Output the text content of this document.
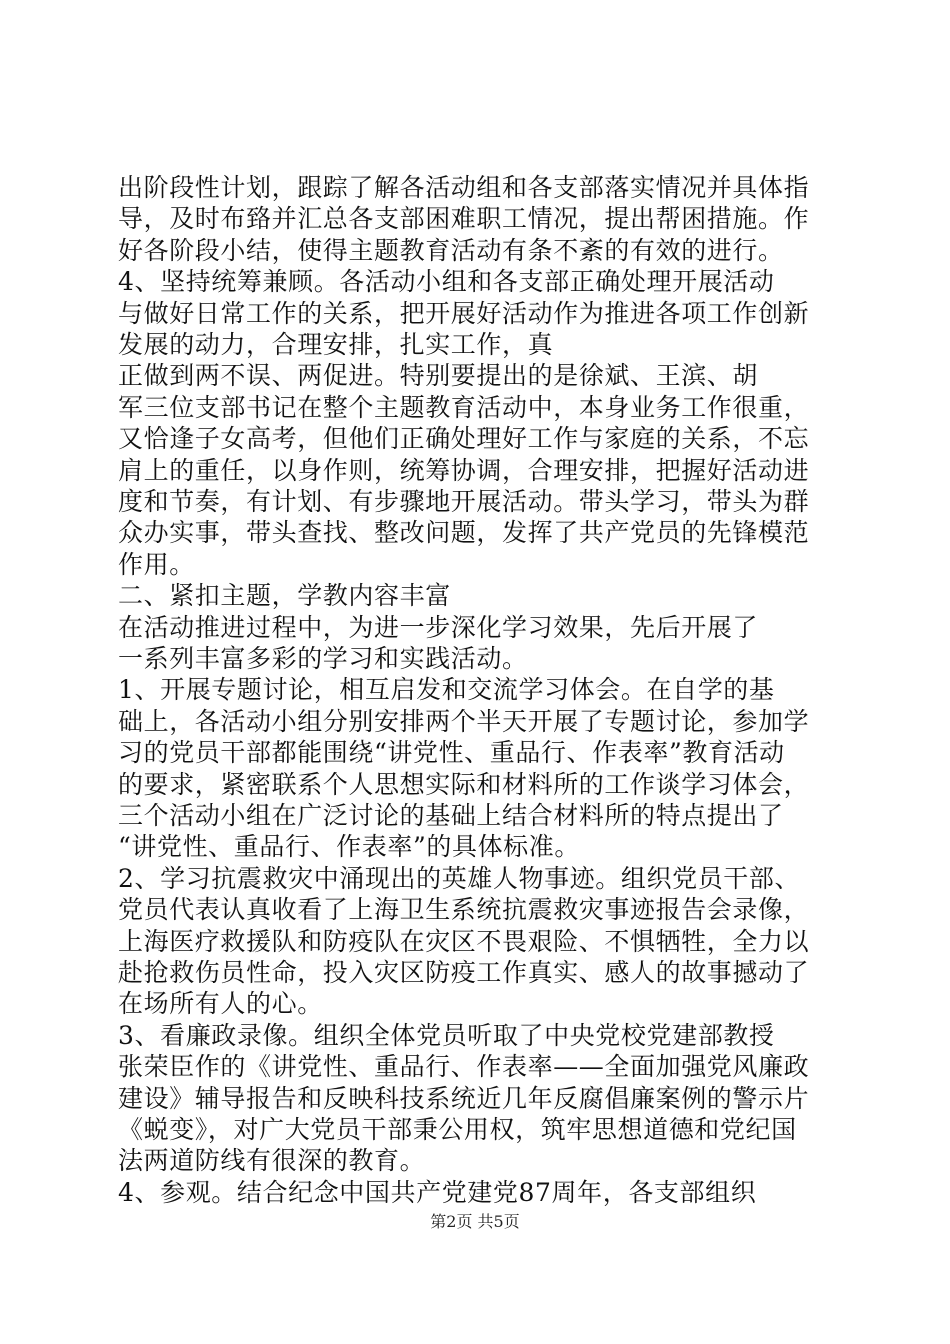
出阶段性计划，跟踪了解各活动组和各支部落实情况并具体指
导，及时布臵并汇总各支部困难职工情况，提出帮困措施。作
好各阶段小结，使得主题教育活动有条不紊的有效的进行。
4、坚持统筹兼顾。各活动小组和各支部正确处理开展活动
与做好日常工作的关系，把开展好活动作为推进各项工作创新
发展的动力，合理安排，扎实工作，真
正做到两不误、两促进。特别要提出的是徐斌、王滨、胡
军三位支部书记在整个主题教育活动中，本身业务工作很重，
又恰逢子女高考，但他们正确处理好工作与家庭的关系，不忘
肩上的重任，以身作则，统筹协调，合理安排，把握好活动进
度和节奏，有计划、有步骤地开展活动。带头学习，带头为群
众办实事，带头查找、整改问题，发挥了共产党员的先锋模范
作用。
二、紧扣主题，学教内容丰富
在活动推进过程中，为进一步深化学习效果，先后开展了
一系列丰富多彩的学习和实践活动。
1、开展专题讨论，相互启发和交流学习体会。在自学的基
础上，各活动小组分别安排两个半天开展了专题讨论，参加学
习的党员干部都能围绕“讲党性、重品行、作表率”教育活动
的要求，紧密联系个人思想实际和材料所的工作谈学习体会，
三个活动小组在广泛讨论的基础上结合材料所的特点提出了
“讲党性、重品行、作表率”的具体标准。
2、学习抗震救灾中涌现出的英雄人物事迹。组织党员干部、
党员代表认真收看了上海卫生系统抗震救灾事迹报告会录像，
上海医疗救援队和防疫队在灾区不畏艰险、不惧牺牲，全力以
赴抢救伤员性命，投入灾区防疫工作真实、感人的故事撼动了
在场所有人的心。
3、看廉政录像。组织全体党员听取了中央党校党建部教授
张荣臣作的《讲党性、重品行、作表率——全面加强党风廉政
建设》辅导报告和反映科技系统近几年反腐倡廉案例的警示片
《蜕变》，对广大党员干部秉公用权，筑牢思想道德和党纪国
法两道防线有很深的教育。
4、参观。结合纪念中国共产党建党87周年，各支部组织
第2页 共5页
